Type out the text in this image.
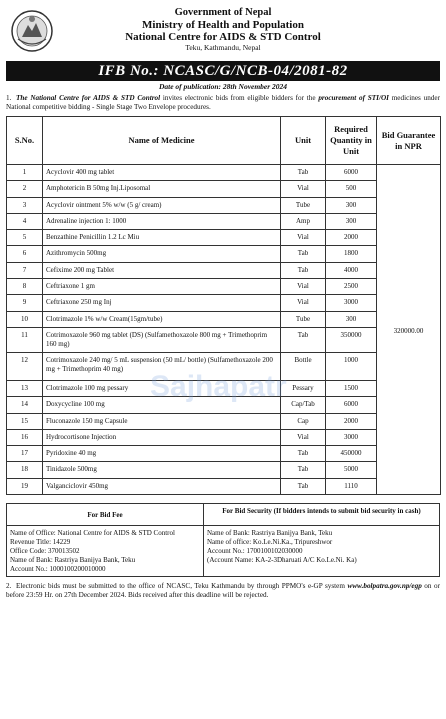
Government of Nepal
Ministry of Health and Population
National Centre for AIDS & STD Control
Teku, Kathmandu, Nepal
IFB No.: NCASC/G/NCB-04/2081-82
Date of publication: 28th November 2024
1. The National Centre for AIDS & STD Control invites electronic bids from eligible bidders for the procurement of STI/OI medicines under National competitive bidding - Single Stage Two Envelope procedures.
S.No.	Name of Medicine	Unit	Required Quantity in Unit	Bid Guarantee in NPR
1	Acyclovir 400 mg tablet	Tab	6000	320000.00
2	Amphotericin B 50mg Inj.Liposomal	Vial	500	
3	Acyclovir ointment 5% w/w (5 g/ cream)	Tube	300	
4	Adrenaline injection 1: 1000	Amp	300	
5	Benzathine Penicillin 1.2 Lc Miu	Vial	2000	
6	Azithromycin 500mg	Tab	1800	
7	Cefixime 200 mg Tablet	Tab	4000	
8	Ceftriaxone 1 gm	Vial	2500	
9	Ceftriaxone 250 mg Inj	Vial	3000	
10	Clotrimazole 1% w/w Cream(15gm/tube)	Tube	300	
11	Cotrimoxazole 960 mg tablet (DS) (Sulfamethoxazole 800 mg + Trimethoprim 160 mg)	Tab	350000	
12	Cotrimoxazole 240 mg/ 5 mL suspension (50 mL/ bottle) (Sulfamethoxazole 200 mg + Trimethoprim 40 mg)	Bottle	1000	
13	Clotrimazole 100 mg pessary	Pessary	1500	
14	Doxycycline 100 mg	Cap/Tab	6000	
15	Fluconazole 150 mg Capsule	Cap	2000	
16	Hydrocortisone Injection	Vial	3000	
17	Pyridoxine 40 mg	Tab	450000	
18	Tinidazole 500mg	Tab	5000	
19	Valganciclovir 450mg	Tab	1110	
For Bid Fee
Name of Office: National Centre for AIDS & STD Control
Revenue Title: 14229
Office Code: 370013502
Name of Bank: Rastriya Banijya Bank, Teku
Account No.: 1000100200010000
For Bid Security (If bidders intends to submit bid security in cash)
Name of Bank: Rastriya Banijya Bank, Teku
Name of office: Ko.Le.Ni.Ka., Tripureshwor
Account No.: 1700100102030000
(Account Name: KA-2-3Dharuati A/C Ko.Le.Ni. Ka)
2. Electronic bids must be submitted to the office of NCASC, Teku Kathmandu by through PPMO's e-GP system www.bolpatra.gov.np/egp on or before 23:59 Hr. on 27th December 2024. Bids received after this deadline will be rejected.
Sajhapatr
